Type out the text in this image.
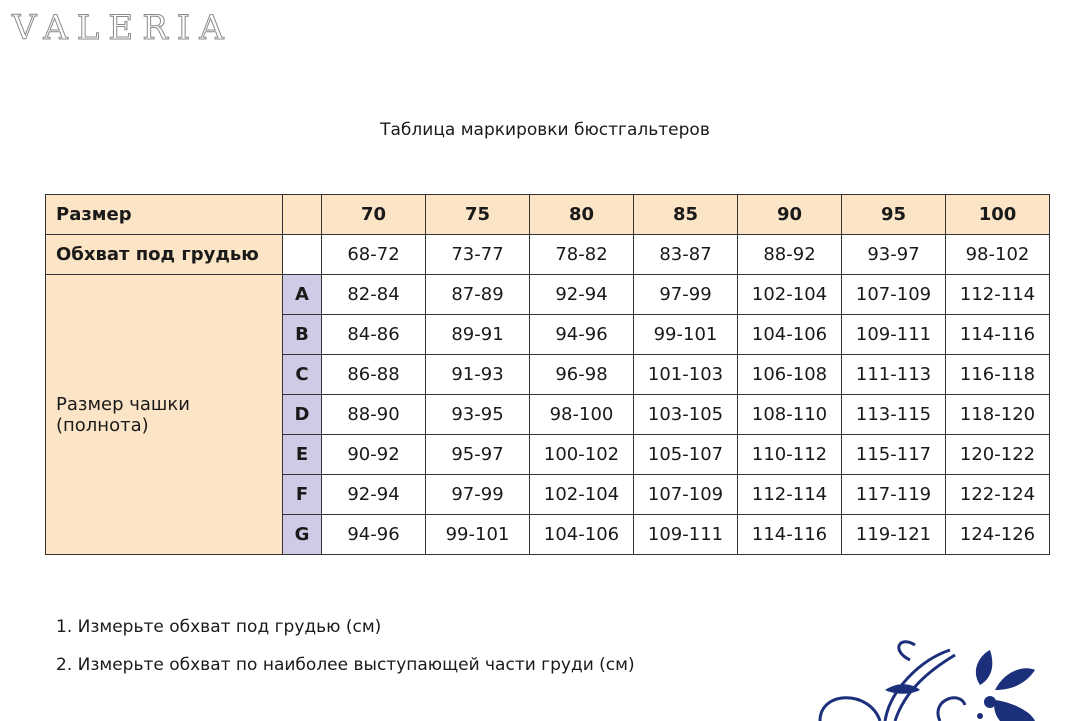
VALERIA
Таблица маркировки бюстгальтеров
Размер		70	75	80	85	90	95	100
Обхват под грудью		68-72	73-77	78-82	83-87	88-92	93-97	98-102
Размер чашки (полнота)	A	82-84	87-89	92-94	97-99	102-104	107-109	112-114
	B	84-86	89-91	94-96	99-101	104-106	109-111	114-116
	C	86-88	91-93	96-98	101-103	106-108	111-113	116-118
	D	88-90	93-95	98-100	103-105	108-110	113-115	118-120
	E	90-92	95-97	100-102	105-107	110-112	115-117	120-122
	F	92-94	97-99	102-104	107-109	112-114	117-119	122-124
	G	94-96	99-101	104-106	109-111	114-116	119-121	124-126
1. Измерьте обхват под грудью (см)
2. Измерьте обхват по наиболее выступающей части груди (см)
